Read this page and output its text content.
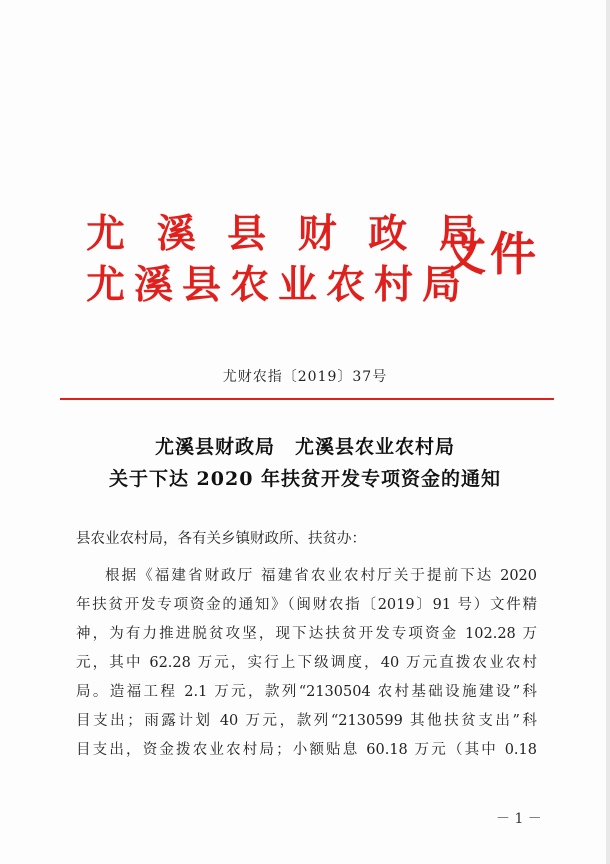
尤 溪 县 财 政 局
尤溪县农业农村局
文件
尤财农指〔2019〕37号
尤溪县财政局　尤溪县农业农村局
关于下达 2020 年扶贫开发专项资金的通知
县农业农村局，各有关乡镇财政所、扶贫办：
根据《福建省财政厅 福建省农业农村厅关于提前下达 2020
年扶贫开发专项资金的通知》（闽财农指〔2019〕91 号）文件精
神，为有力推进脱贫攻坚，现下达扶贫开发专项资金 102.28 万
元，其中 62.28 万元，实行上下级调度，40 万元直拨农业农村
局。造福工程 2.1 万元，款列“2130504 农村基础设施建设”科
目支出；雨露计划 40 万元，款列“2130599 其他扶贫支出”科
目支出，资金拨农业农村局；小额贴息 60.18 万元（其中 0.18
－ 1 －
